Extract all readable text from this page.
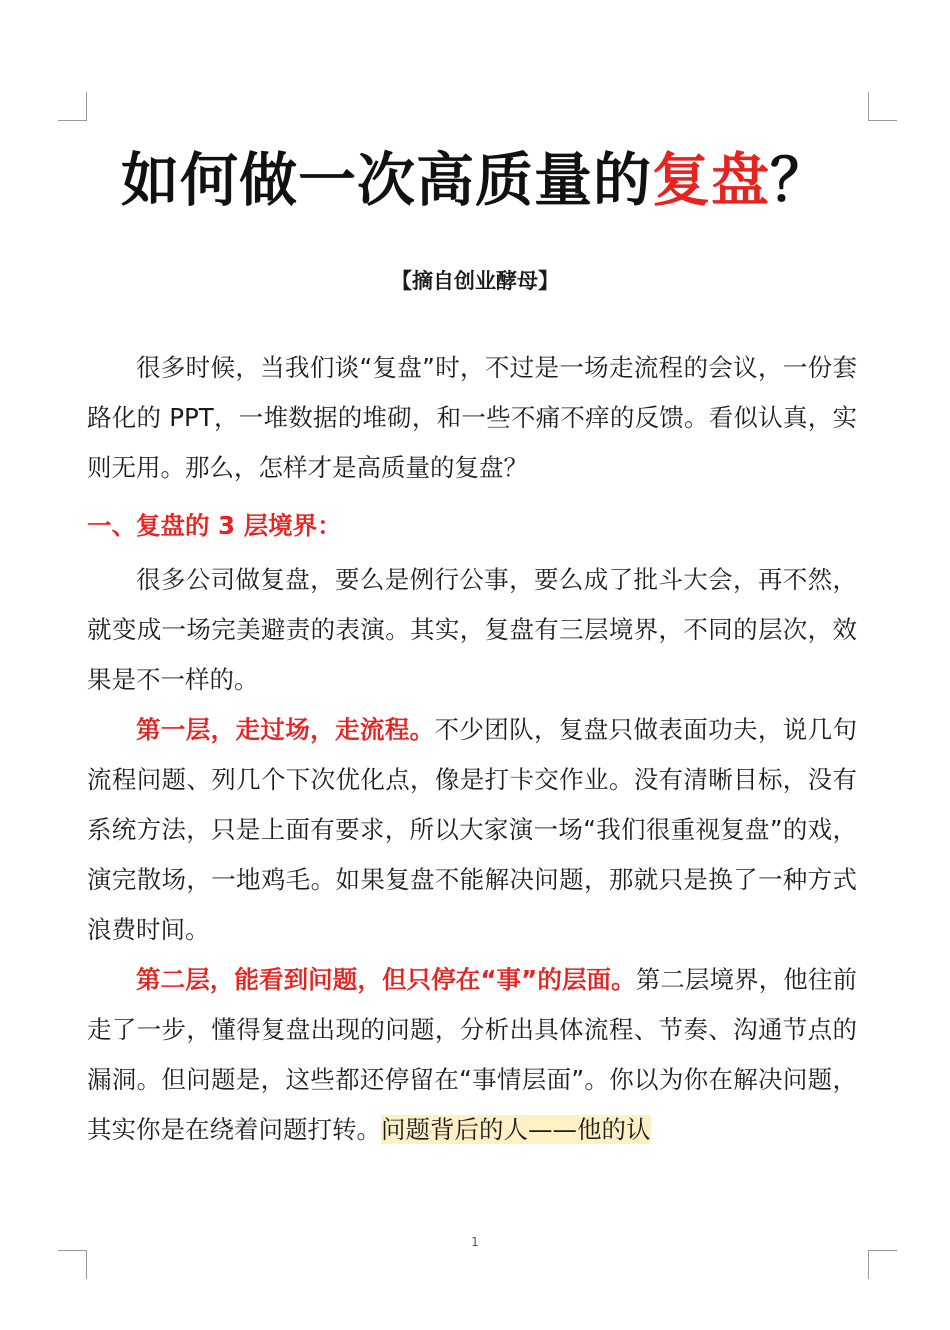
如何做一次高质量的复盘？
【摘自创业酵母】

很多时候，当我们谈“复盘”时，不过是一场走流程的会议，一份套路化的 PPT，一堆数据的堆砌，和一些不痛不痒的反馈。看似认真，实则无用。那么，怎样才是高质量的复盘？

一、复盘的 3 层境界：

很多公司做复盘，要么是例行公事，要么成了批斗大会，再不然，就变成一场完美避责的表演。其实，复盘有三层境界，不同的层次，效果是不一样的。

第一层，走过场，走流程。不少团队，复盘只做表面功夫，说几句流程问题、列几个下次优化点，像是打卡交作业。没有清晰目标，没有系统方法，只是上面有要求，所以大家演一场“我们很重视复盘”的戏，演完散场，一地鸡毛。如果复盘不能解决问题，那就只是换了一种方式浪费时间。

第二层，能看到问题，但只停在“事”的层面。第二层境界，他往前走了一步，懂得复盘出现的问题，分析出具体流程、节奏、沟通节点的漏洞。但问题是，这些都还停留在“事情层面”。你以为你在解决问题，其实你是在绕着问题打转。问题背后的人——他的认

1
